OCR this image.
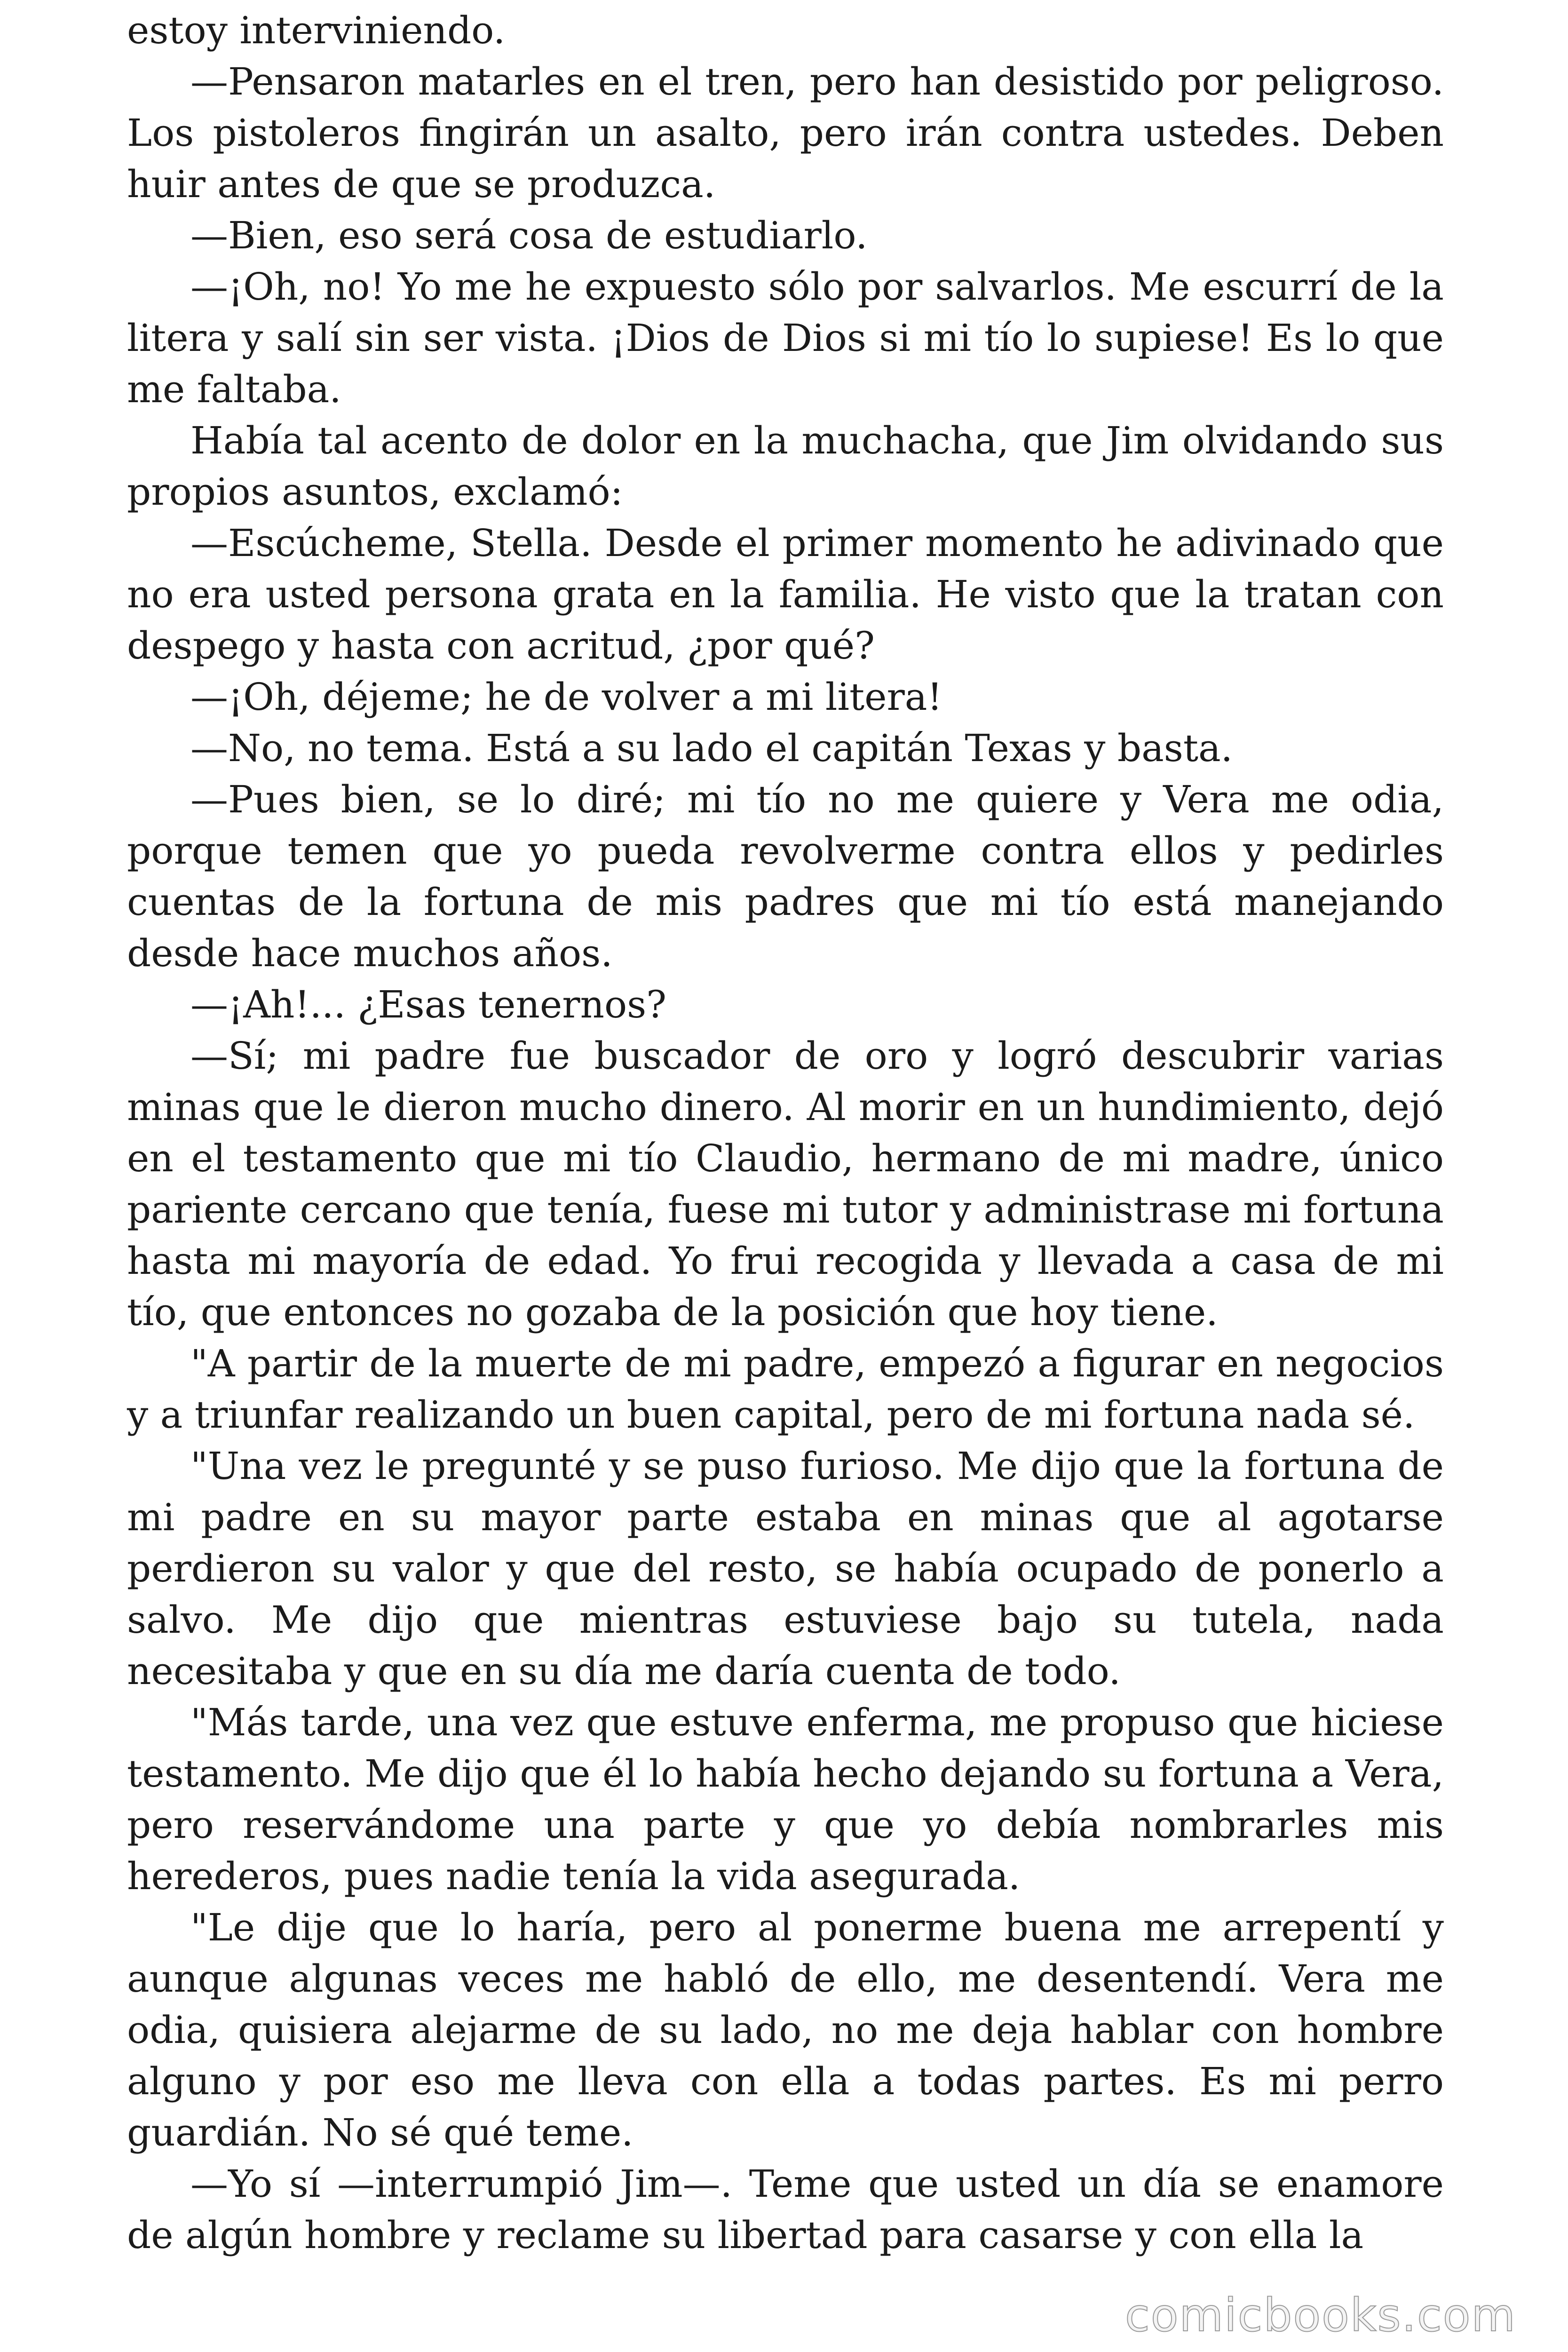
estoy interviniendo.

—Pensaron matarles en el tren, pero han desistido por peligroso. Los pistoleros fingirán un asalto, pero irán contra ustedes. Deben huir antes de que se produzca.

—Bien, eso será cosa de estudiarlo.

—¡Oh, no! Yo me he expuesto sólo por salvarlos. Me escurrí de la litera y salí sin ser vista. ¡Dios de Dios si mi tío lo supiese! Es lo que me faltaba.

Había tal acento de dolor en la muchacha, que Jim olvidando sus propios asuntos, exclamó:

—Escúcheme, Stella. Desde el primer momento he adivinado que no era usted persona grata en la familia. He visto que la tratan con despego y hasta con acritud, ¿por qué?

—¡Oh, déjeme; he de volver a mi litera!

—No, no tema. Está a su lado el capitán Texas y basta.

—Pues bien, se lo diré; mi tío no me quiere y Vera me odia, porque temen que yo pueda revolverme contra ellos y pedirles cuentas de la fortuna de mis padres que mi tío está manejando desde hace muchos años.

—¡Ah!... ¿Esas tenernos?

—Sí; mi padre fue buscador de oro y logró descubrir varias minas que le dieron mucho dinero. Al morir en un hundimiento, dejó en el testamento que mi tío Claudio, hermano de mi madre, único pariente cercano que tenía, fuese mi tutor y administrase mi fortuna hasta mi mayoría de edad. Yo frui recogida y llevada a casa de mi tío, que entonces no gozaba de la posición que hoy tiene.

"A partir de la muerte de mi padre, empezó a figurar en negocios y a triunfar realizando un buen capital, pero de mi fortuna nada sé.

"Una vez le pregunté y se puso furioso. Me dijo que la fortuna de mi padre en su mayor parte estaba en minas que al agotarse perdieron su valor y que del resto, se había ocupado de ponerlo a salvo. Me dijo que mientras estuviese bajo su tutela, nada necesitaba y que en su día me daría cuenta de todo.

"Más tarde, una vez que estuve enferma, me propuso que hiciese testamento. Me dijo que él lo había hecho dejando su fortuna a Vera, pero reservándome una parte y que yo debía nombrarles mis herederos, pues nadie tenía la vida asegurada.

"Le dije que lo haría, pero al ponerme buena me arrepentí y aunque algunas veces me habló de ello, me desentendí. Vera me odia, quisiera alejarme de su lado, no me deja hablar con hombre alguno y por eso me lleva con ella a todas partes. Es mi perro guardián. No sé qué teme.

—Yo sí —interrumpió Jim—. Teme que usted un día se enamore de algún hombre y reclame su libertad para casarse y con ella la

comicbooks.com
